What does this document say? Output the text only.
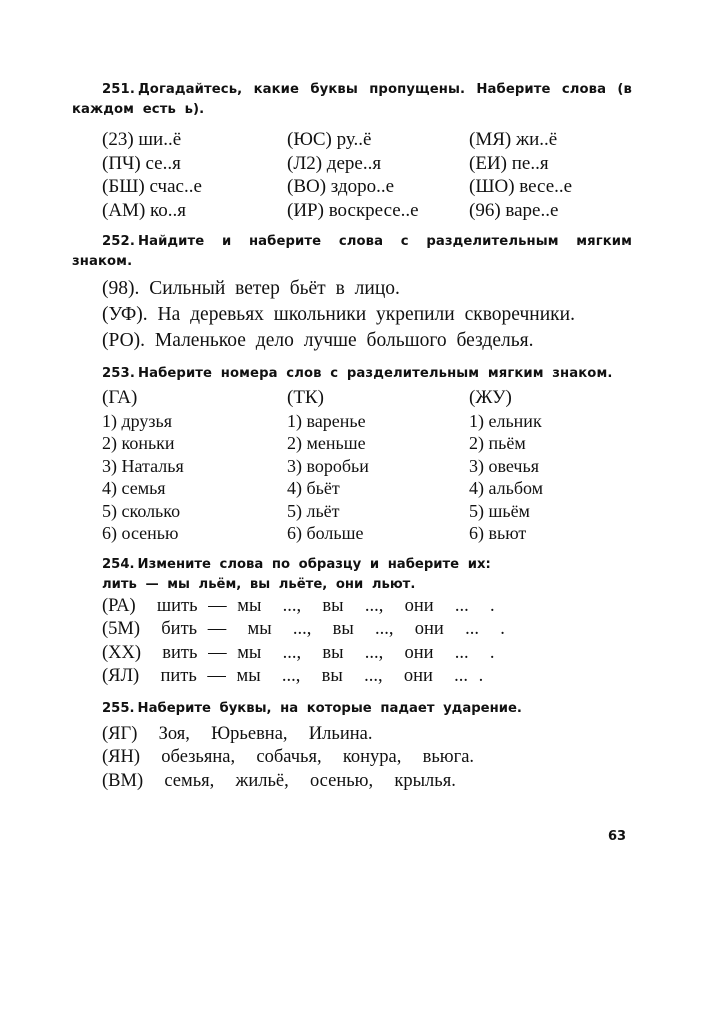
251. Догадайтесь, какие буквы пропущены. Наберите слова (в каждом есть ь).
(23) ши..ё	(ЮС) ру..ё	(МЯ) жи..ё
(ПЧ) се..я	(Л2) дере..я	(ЕИ) пе..я
(БШ) счас..е	(ВО) здоро..е	(ШО) весе..е
(АМ) ко..я	(ИР) воскресе..е	(96) варе..е
252. Найдите и наберите слова с разделительным мягким знаком.
(98). Сильный ветер бьёт в лицо.
(УФ). На деревьях школьники укрепили скворечники.
(РО). Маленькое дело лучше большого безделья.
253. Наберите номера слов с разделительным мягким знаком.
(ГА)	(ТК)	(ЖУ)
1) друзья	1) варенье	1) ельник
2) коньки	2) меньше	2) пьём
3) Наталья	3) воробьи	3) овечья
4) семья	4) бьёт	4) альбом
5) сколько	5) льёт	5) шьём
6) осенью	6) больше	6) вьют
254. Измените слова по образцу и наберите их:
лить — мы льём, вы льёте, они льют.
(РА)  шить — мы  ...,  вы  ...,  они  ...  .
(5М)  бить —  мы  ...,  вы  ...,  они  ...  .
(ХХ)  вить — мы  ...,  вы  ...,  они  ...  .
(ЯЛ)  пить — мы  ...,  вы  ...,  они  ... .
255. Наберите буквы, на которые падает ударение.
(ЯГ)  Зоя,  Юрьевна,  Ильина.
(ЯН)  обезьяна,  собачья,  конура,  вьюга.
(ВМ)  семья,  жильё,  осенью,  крылья.
63
